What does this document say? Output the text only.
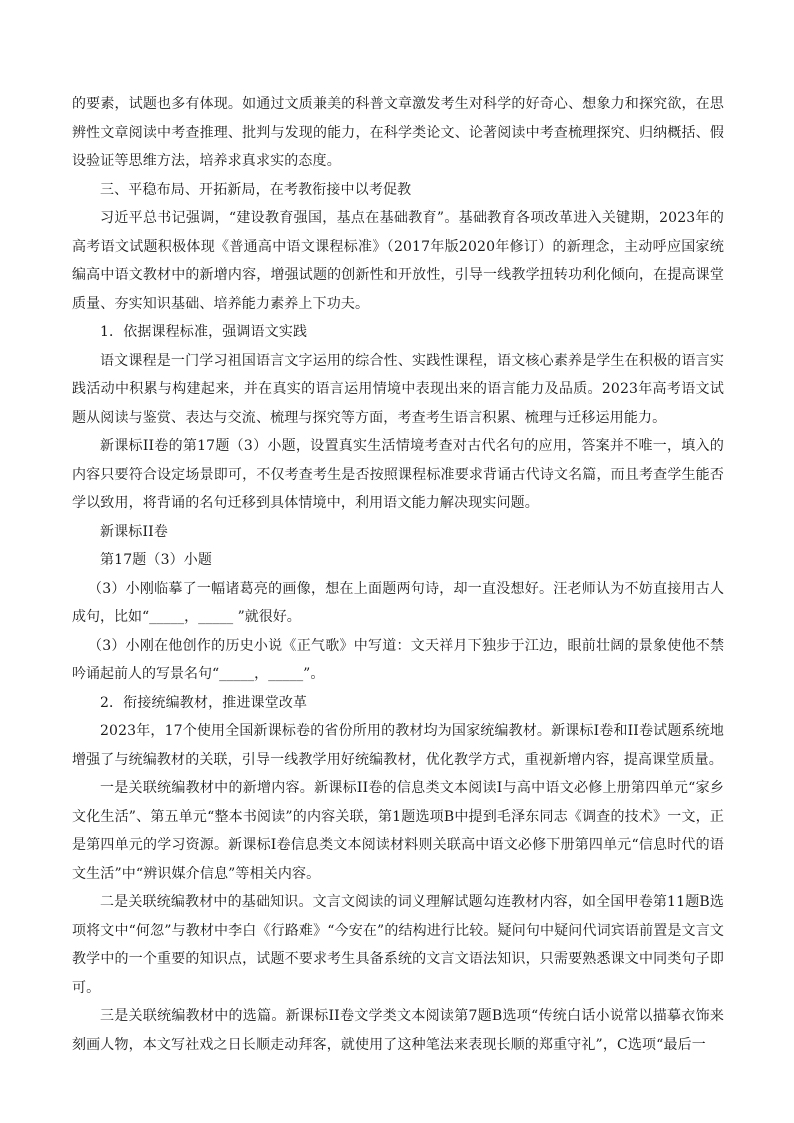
的要素，试题也多有体现。如通过文质兼美的科普文章激发考生对科学的好奇心、想象力和探究欲，在思辨性文章阅读中考查推理、批判与发现的能力，在科学类论文、论著阅读中考查梳理探究、归纳概括、假设验证等思维方法，培养求真求实的态度。

三、平稳布局、开拓新局，在考教衔接中以考促教

习近平总书记强调，“建设教育强国，基点在基础教育”。基础教育各项改革进入关键期，2023年的高考语文试题积极体现《普通高中语文课程标准》（2017年版2020年修订）的新理念，主动呼应国家统编高中语文教材中的新增内容，增强试题的创新性和开放性，引导一线教学扭转功利化倾向，在提高课堂质量、夯实知识基础、培养能力素养上下功夫。

1．依据课程标准，强调语文实践

语文课程是一门学习祖国语言文字运用的综合性、实践性课程，语文核心素养是学生在积极的语言实践活动中积累与构建起来，并在真实的语言运用情境中表现出来的语言能力及品质。2023年高考语文试题从阅读与鉴赏、表达与交流、梳理与探究等方面，考查考生语言积累、梳理与迁移运用能力。

新课标II卷的第17题（3）小题，设置真实生活情境考查对古代名句的应用，答案并不唯一，填入的内容只要符合设定场景即可，不仅考查考生是否按照课程标准要求背诵古代诗文名篇，而且考查学生能否学以致用，将背诵的名句迁移到具体情境中，利用语文能力解决现实问题。

新课标II卷

第17题（3）小题

（3）小刚临摹了一幅诸葛亮的画像，想在上面题两句诗，却一直没想好。汪老师认为不妨直接用古人成句，比如“_____，_____ ”就很好。

（3）小刚在他创作的历史小说《正气歌》中写道：文天祥月下独步于江边，眼前壮阔的景象使他不禁吟诵起前人的写景名句“_____，_____”。

2．衔接统编教材，推进课堂改革

2023年，17个使用全国新课标卷的省份所用的教材均为国家统编教材。新课标I卷和II卷试题系统地增强了与统编教材的关联，引导一线教学用好统编教材，优化教学方式，重视新增内容，提高课堂质量。

一是关联统编教材中的新增内容。新课标II卷的信息类文本阅读I与高中语文必修上册第四单元“家乡文化生活”、第五单元“整本书阅读”的内容关联，第1题选项B中提到毛泽东同志《调查的技术》一文，正是第四单元的学习资源。新课标I卷信息类文本阅读材料则关联高中语文必修下册第四单元“信息时代的语文生活”中“辨识媒介信息”等相关内容。

二是关联统编教材中的基础知识。文言文阅读的词义理解试题勾连教材内容，如全国甲卷第11题B选项将文中“何忽”与教材中李白《行路难》“今安在”的结构进行比较。疑问句中疑问代词宾语前置是文言文教学中的一个重要的知识点，试题不要求考生具备系统的文言文语法知识，只需要熟悉课文中同类句子即可。

三是关联统编教材中的选篇。新课标II卷文学类文本阅读第7题B选项“传统白话小说常以描摹衣饰来刻画人物，本文写社戏之日长顺走动拜客，就使用了这种笔法来表现长顺的郑重守礼”，C选项“最后一
